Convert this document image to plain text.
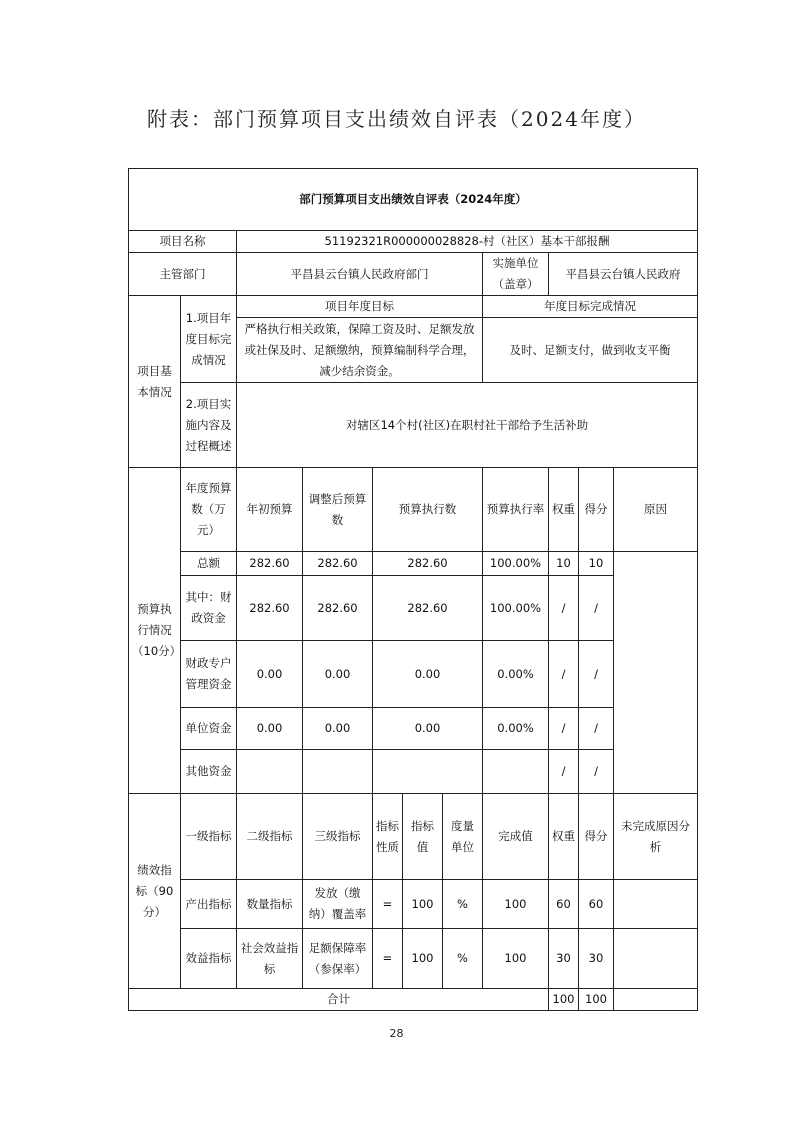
附表：部门预算项目支出绩效自评表（2024年度）
部门预算项目支出绩效自评表（2024年度）										
项目名称		51192321R000000028828-村（社区）基本干部报酬								
主管部门		平昌县云台镇人民政府部门					实施单位（盖章）	平昌县云台镇人民政府		
项目基本情况	1.项目年度目标完成情况	项目年度目标					年度目标完成情况			
		严格执行相关政策，保障工资及时、足额发放或社保及时、足额缴纳，预算编制科学合理，减少结余资金。					及时、足额支付，做到收支平衡			
	2.项目实施内容及过程概述	对辖区14个村(社区)在职村社干部给予生活补助								
预算执行情况（10分）	年度预算数（万元）	年初预算	调整后预算数	预算执行数			预算执行率	权重	得分	原因
	总额	282.60	282.60	282.60			100.00%	10	10	
	其中：财政资金	282.60	282.60	282.60			100.00%	/	/	
	财政专户管理资金	0.00	0.00	0.00			0.00%	/	/	
	单位资金	0.00	0.00	0.00			0.00%	/	/	
	其他资金							/	/	
绩效指标（90分）	一级指标	二级指标	三级指标	指标性质	指标值	度量单位	完成值	权重	得分	未完成原因分析
	产出指标	数量指标	发放（缴纳）覆盖率	=	100	%	100	60	60	
	效益指标	社会效益指标	足额保障率（参保率）	=	100	%	100	30	30	
合计								100	100	
28
